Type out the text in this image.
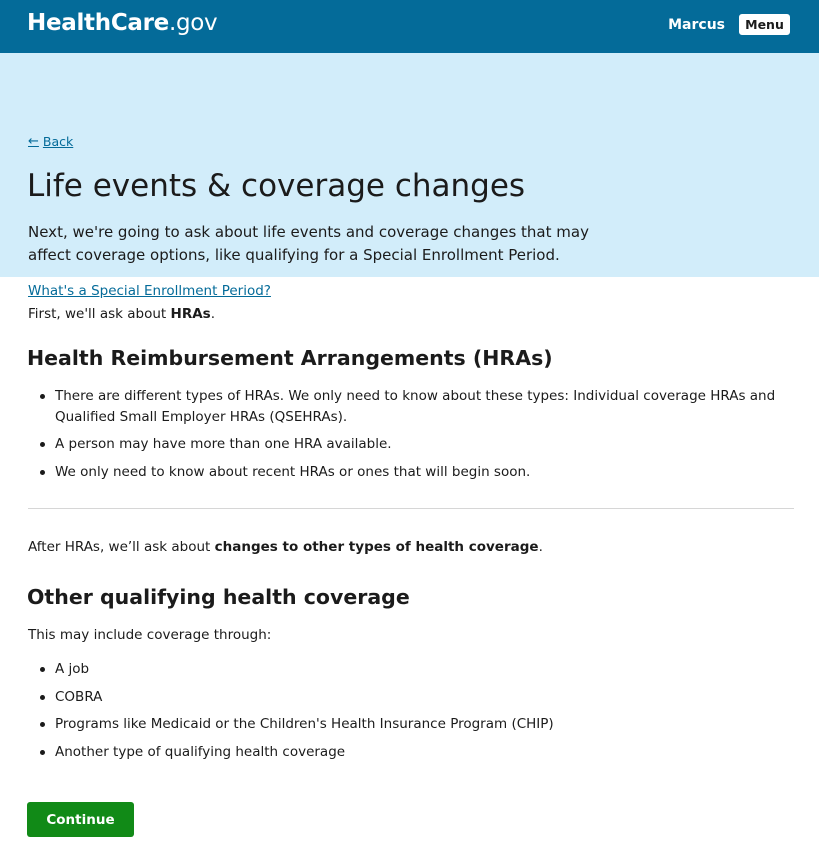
HealthCare.gov	Marcus	Menu
← Back
Life events & coverage changes

Next, we're going to ask about life events and coverage changes that may affect coverage options, like qualifying for a Special Enrollment Period.

What's a Special Enrollment Period?

First, we'll ask about HRAs.

Health Reimbursement Arrangements (HRAs)
There are different types of HRAs. We only need to know about these types: Individual coverage HRAs and Qualified Small Employer HRAs (QSEHRAs).
A person may have more than one HRA available.
We only need to know about recent HRAs or ones that will begin soon.

After HRAs, we’ll ask about changes to other types of health coverage.

Other qualifying health coverage

This may include coverage through:

A job
COBRA
Programs like Medicaid or the Children's Health Insurance Program (CHIP)
Another type of qualifying health coverage
Continue
